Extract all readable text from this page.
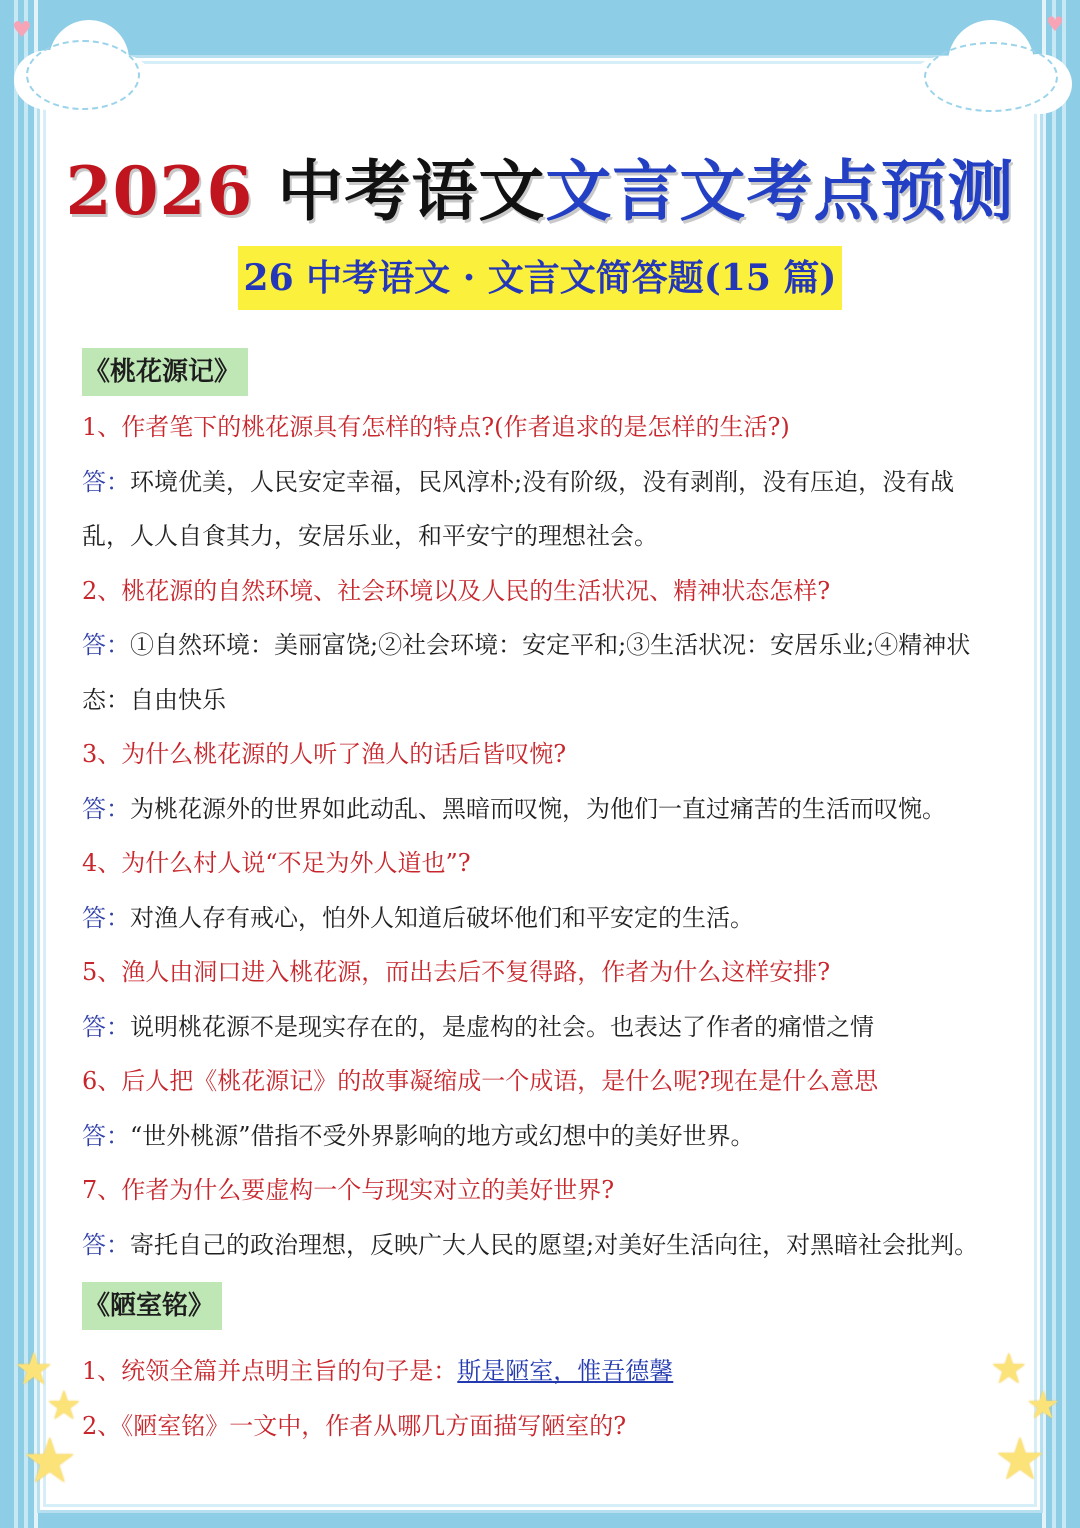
♥	♥
★
★
★
★
★
★
2026 中考语文文言文考点预测
26 中考语文 · 文言文简答题(15 篇)
《桃花源记》
1、作者笔下的桃花源具有怎样的特点?(作者追求的是怎样的生活?)
答：环境优美，人民安定幸福，民风淳朴;没有阶级，没有剥削，没有压迫，没有战
乱，人人自食其力，安居乐业，和平安宁的理想社会。
2、桃花源的自然环境、社会环境以及人民的生活状况、精神状态怎样?
答：①自然环境：美丽富饶;②社会环境：安定平和;③生活状况：安居乐业;④精神状
态：自由快乐
3、为什么桃花源的人听了渔人的话后皆叹惋?
答：为桃花源外的世界如此动乱、黑暗而叹惋，为他们一直过痛苦的生活而叹惋。
4、为什么村人说“不足为外人道也”?
答：对渔人存有戒心，怕外人知道后破坏他们和平安定的生活。
5、渔人由洞口进入桃花源，而出去后不复得路，作者为什么这样安排?
答：说明桃花源不是现实存在的，是虚构的社会。也表达了作者的痛惜之情
6、后人把《桃花源记》的故事凝缩成一个成语，是什么呢?现在是什么意思
答：“世外桃源”借指不受外界影响的地方或幻想中的美好世界。
7、作者为什么要虚构一个与现实对立的美好世界?
答：寄托自己的政治理想，反映广大人民的愿望;对美好生活向往，对黑暗社会批判。
《陋室铭》
1、统领全篇并点明主旨的句子是：斯是陋室，惟吾德馨
2、《陋室铭》一文中，作者从哪几方面描写陋室的?
